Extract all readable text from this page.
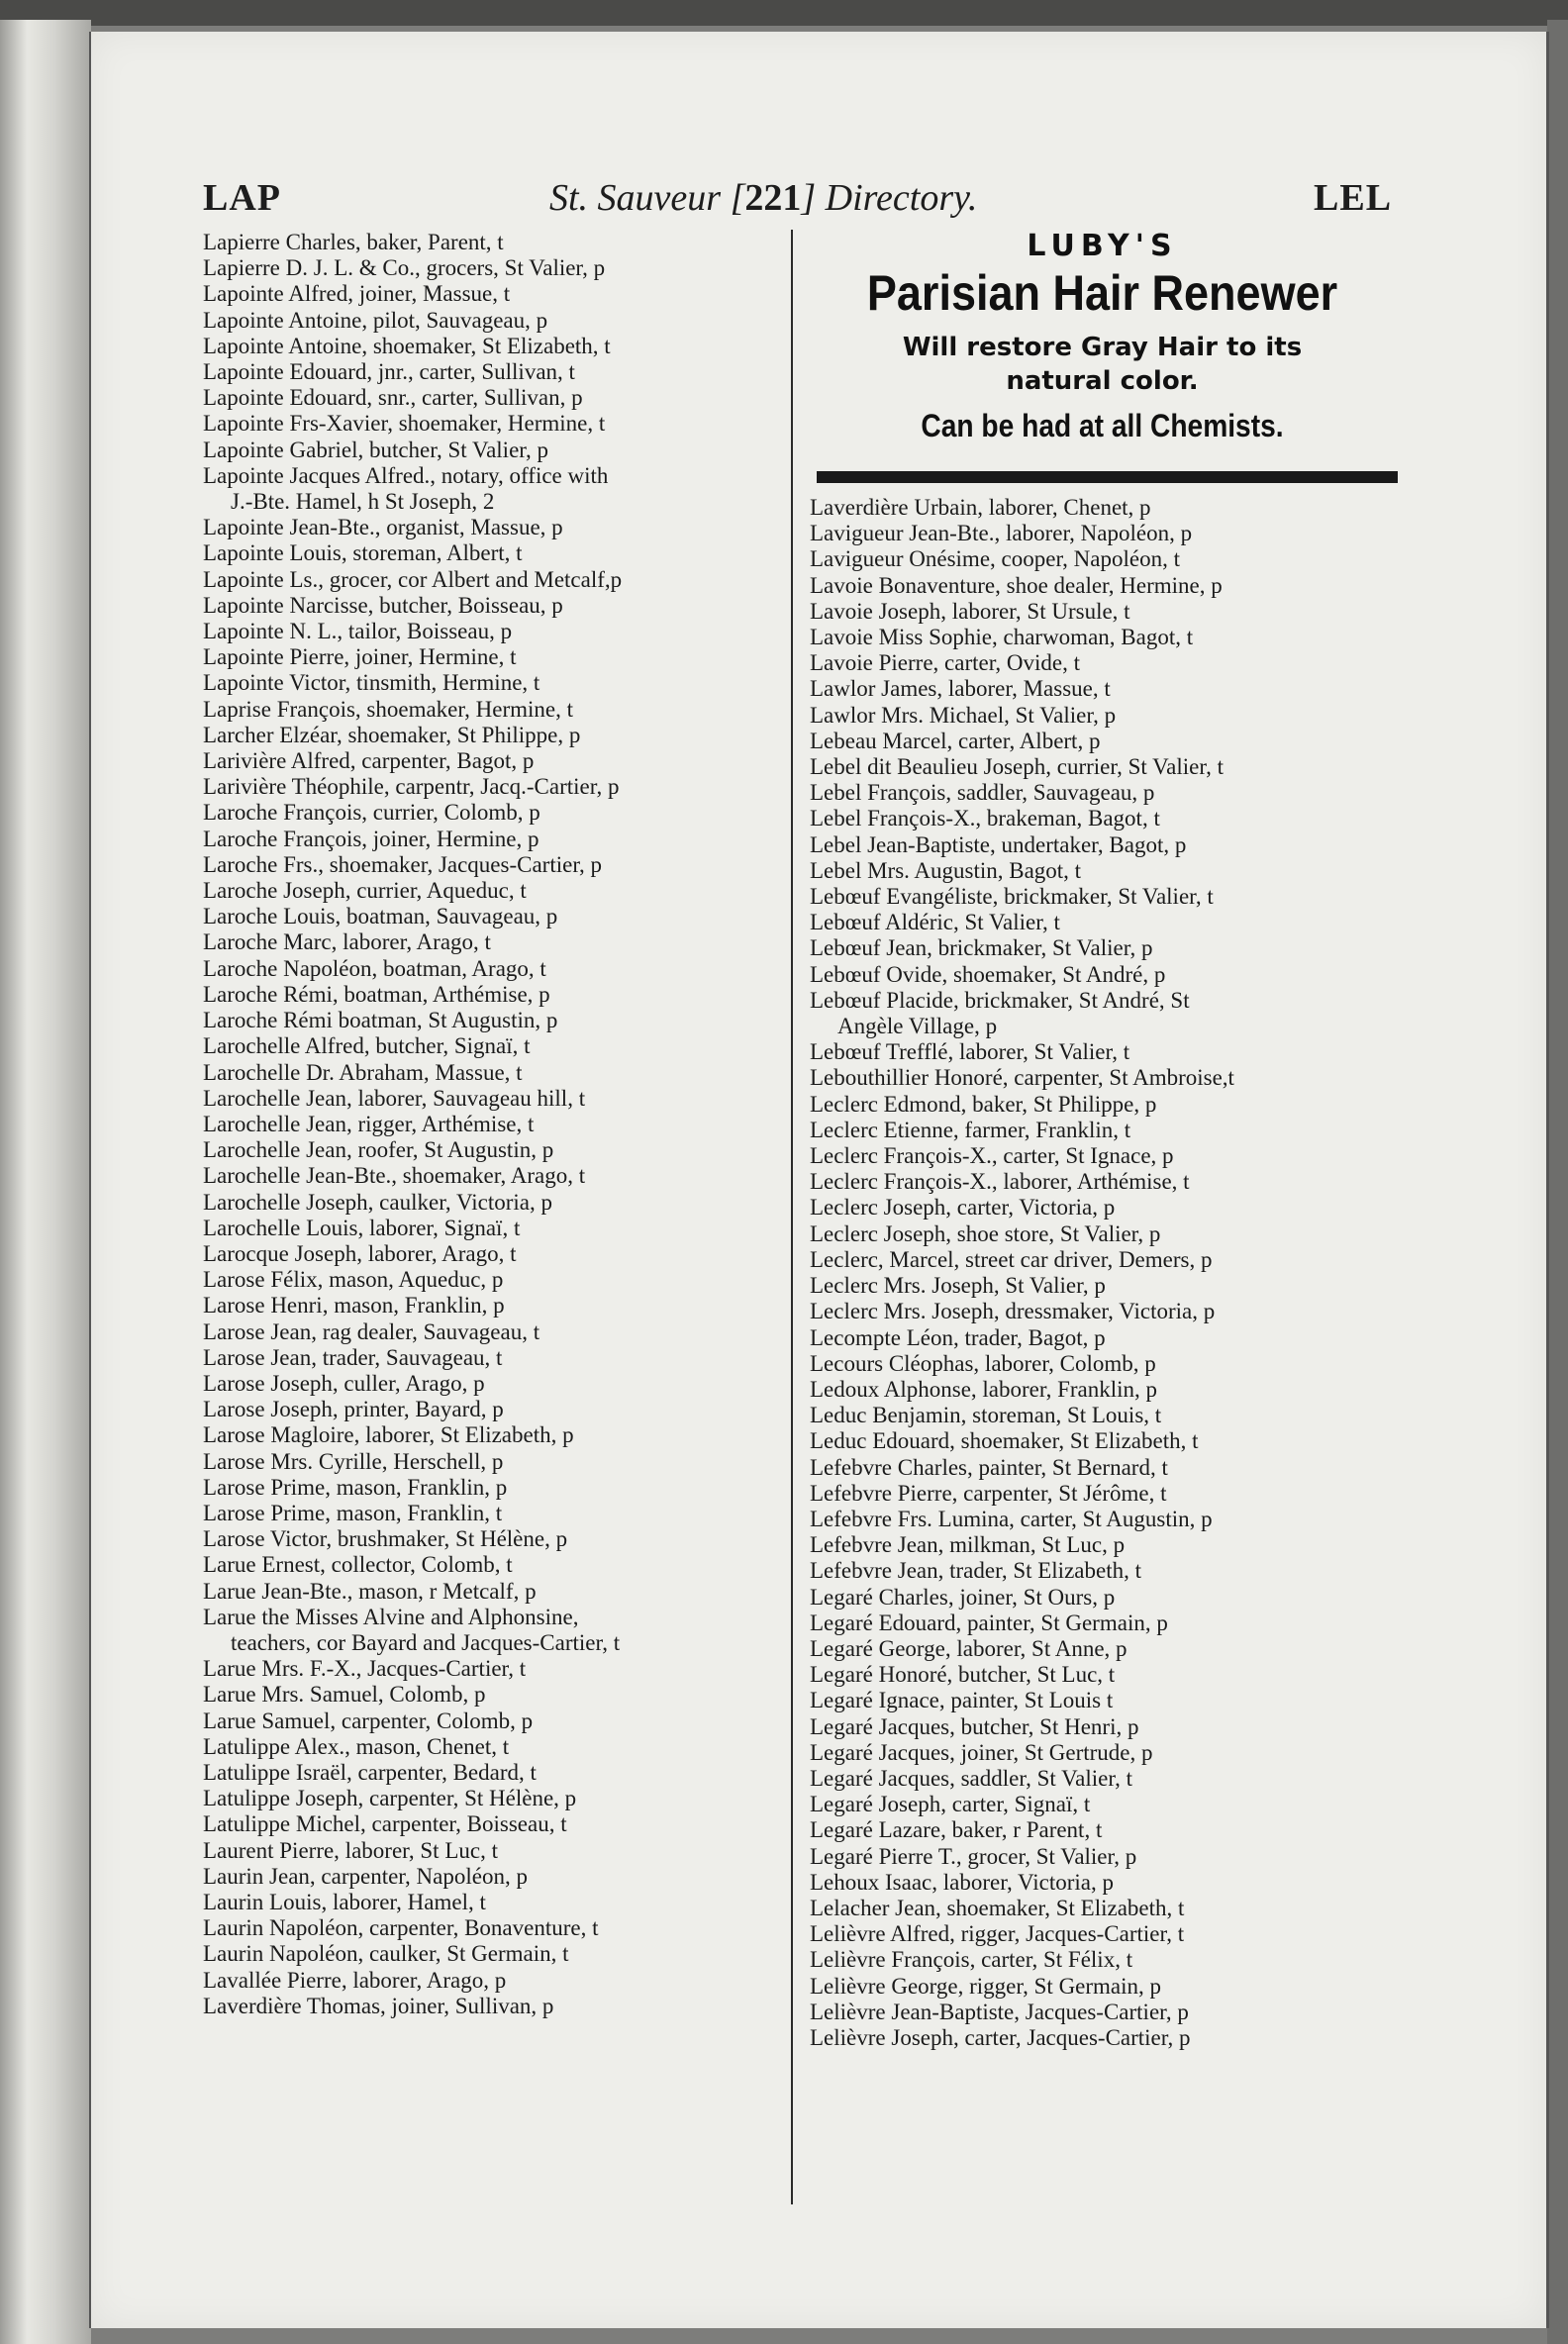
LAP	St. Sauveur [221] Directory.	LEL
Lapierre Charles, baker, Parent, t
Lapierre D. J. L. & Co., grocers, St Valier, p
Lapointe Alfred, joiner, Massue, t
Lapointe Antoine, pilot, Sauvageau, p
Lapointe Antoine, shoemaker, St Elizabeth, t
Lapointe Edouard, jnr., carter, Sullivan, t
Lapointe Edouard, snr., carter, Sullivan, p
Lapointe Frs-Xavier, shoemaker, Hermine, t
Lapointe Gabriel, butcher, St Valier, p
Lapointe Jacques Alfred., notary, office with
J.-Bte. Hamel, h St Joseph, 2
Lapointe Jean-Bte., organist, Massue, p
Lapointe Louis, storeman, Albert, t
Lapointe Ls., grocer, cor Albert and Metcalf,p
Lapointe Narcisse, butcher, Boisseau, p
Lapointe N. L., tailor, Boisseau, p
Lapointe Pierre, joiner, Hermine, t
Lapointe Victor, tinsmith, Hermine, t
Laprise François, shoemaker, Hermine, t
Larcher Elzéar, shoemaker, St Philippe, p
Larivière Alfred, carpenter, Bagot, p
Larivière Théophile, carpentr, Jacq.-Cartier, p
Laroche François, currier, Colomb, p
Laroche François, joiner, Hermine, p
Laroche Frs., shoemaker, Jacques-Cartier, p
Laroche Joseph, currier, Aqueduc, t
Laroche Louis, boatman, Sauvageau, p
Laroche Marc, laborer, Arago, t
Laroche Napoléon, boatman, Arago, t
Laroche Rémi, boatman, Arthémise, p
Laroche Rémi boatman, St Augustin, p
Larochelle Alfred, butcher, Signaï, t
Larochelle Dr. Abraham, Massue, t
Larochelle Jean, laborer, Sauvageau hill, t
Larochelle Jean, rigger, Arthémise, t
Larochelle Jean, roofer, St Augustin, p
Larochelle Jean-Bte., shoemaker, Arago, t
Larochelle Joseph, caulker, Victoria, p
Larochelle Louis, laborer, Signaï, t
Larocque Joseph, laborer, Arago, t
Larose Félix, mason, Aqueduc, p
Larose Henri, mason, Franklin, p
Larose Jean, rag dealer, Sauvageau, t
Larose Jean, trader, Sauvageau, t
Larose Joseph, culler, Arago, p
Larose Joseph, printer, Bayard, p
Larose Magloire, laborer, St Elizabeth, p
Larose Mrs. Cyrille, Herschell, p
Larose Prime, mason, Franklin, p
Larose Prime, mason, Franklin, t
Larose Victor, brushmaker, St Hélène, p
Larue Ernest, collector, Colomb, t
Larue Jean-Bte., mason, r Metcalf, p
Larue the Misses Alvine and Alphonsine,
teachers, cor Bayard and Jacques-Cartier, t
Larue Mrs. F.-X., Jacques-Cartier, t
Larue Mrs. Samuel, Colomb, p
Larue Samuel, carpenter, Colomb, p
Latulippe Alex., mason, Chenet, t
Latulippe Israël, carpenter, Bedard, t
Latulippe Joseph, carpenter, St Hélène, p
Latulippe Michel, carpenter, Boisseau, t
Laurent Pierre, laborer, St Luc, t
Laurin Jean, carpenter, Napoléon, p
Laurin Louis, laborer, Hamel, t
Laurin Napoléon, carpenter, Bonaventure, t
Laurin Napoléon, caulker, St Germain, t
Lavallée Pierre, laborer, Arago, p
Laverdière Thomas, joiner, Sullivan, p
LUBY'S
Parisian Hair Renewer
Will restore Gray Hair to its
natural color.
Can be had at all Chemists.
Laverdière Urbain, laborer, Chenet, p
Lavigueur Jean-Bte., laborer, Napoléon, p
Lavigueur Onésime, cooper, Napoléon, t
Lavoie Bonaventure, shoe dealer, Hermine, p
Lavoie Joseph, laborer, St Ursule, t
Lavoie Miss Sophie, charwoman, Bagot, t
Lavoie Pierre, carter, Ovide, t
Lawlor James, laborer, Massue, t
Lawlor Mrs. Michael, St Valier, p
Lebeau Marcel, carter, Albert, p
Lebel dit Beaulieu Joseph, currier, St Valier, t
Lebel François, saddler, Sauvageau, p
Lebel François-X., brakeman, Bagot, t
Lebel Jean-Baptiste, undertaker, Bagot, p
Lebel Mrs. Augustin, Bagot, t
Lebœuf Evangéliste, brickmaker, St Valier, t
Lebœuf Aldéric, St Valier, t
Lebœuf Jean, brickmaker, St Valier, p
Lebœuf Ovide, shoemaker, St André, p
Lebœuf Placide, brickmaker, St André, St
Angèle Village, p
Lebœuf Trefflé, laborer, St Valier, t
Lebouthillier Honoré, carpenter, St Ambroise,t
Leclerc Edmond, baker, St Philippe, p
Leclerc Etienne, farmer, Franklin, t
Leclerc François-X., carter, St Ignace, p
Leclerc François-X., laborer, Arthémise, t
Leclerc Joseph, carter, Victoria, p
Leclerc Joseph, shoe store, St Valier, p
Leclerc, Marcel, street car driver, Demers, p
Leclerc Mrs. Joseph, St Valier, p
Leclerc Mrs. Joseph, dressmaker, Victoria, p
Lecompte Léon, trader, Bagot, p
Lecours Cléophas, laborer, Colomb, p
Ledoux Alphonse, laborer, Franklin, p
Leduc Benjamin, storeman, St Louis, t
Leduc Edouard, shoemaker, St Elizabeth, t
Lefebvre Charles, painter, St Bernard, t
Lefebvre Pierre, carpenter, St Jérôme, t
Lefebvre Frs. Lumina, carter, St Augustin, p
Lefebvre Jean, milkman, St Luc, p
Lefebvre Jean, trader, St Elizabeth, t
Legaré Charles, joiner, St Ours, p
Legaré Edouard, painter, St Germain, p
Legaré George, laborer, St Anne, p
Legaré Honoré, butcher, St Luc, t
Legaré Ignace, painter, St Louis t
Legaré Jacques, butcher, St Henri, p
Legaré Jacques, joiner, St Gertrude, p
Legaré Jacques, saddler, St Valier, t
Legaré Joseph, carter, Signaï, t
Legaré Lazare, baker, r Parent, t
Legaré Pierre T., grocer, St Valier, p
Lehoux Isaac, laborer, Victoria, p
Lelacher Jean, shoemaker, St Elizabeth, t
Lelièvre Alfred, rigger, Jacques-Cartier, t
Lelièvre François, carter, St Félix, t
Lelièvre George, rigger, St Germain, p
Lelièvre Jean-Baptiste, Jacques-Cartier, p
Lelièvre Joseph, carter, Jacques-Cartier, p
